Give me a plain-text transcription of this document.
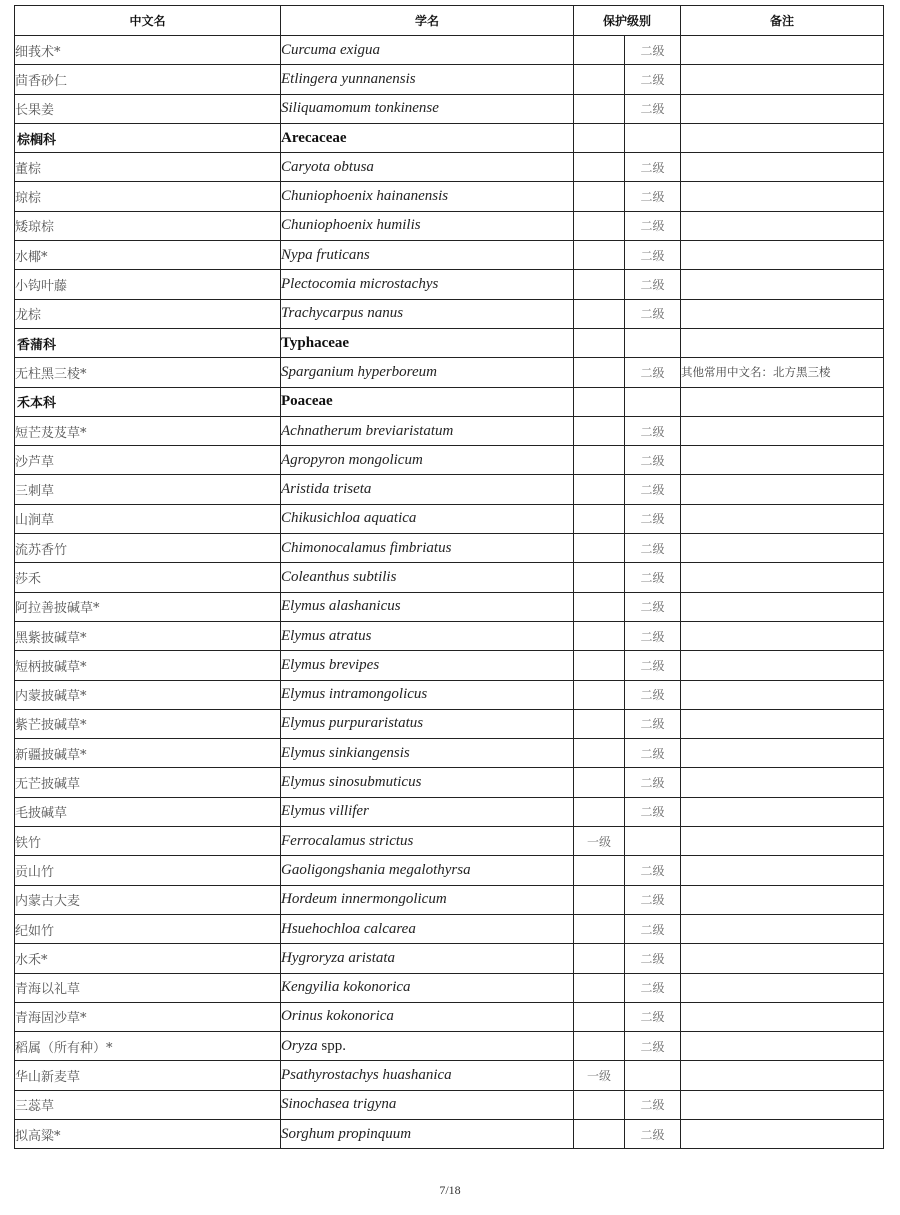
中文名	学名	保护级别		备注
细莪术*	Curcuma exigua		二级	
茴香砂仁	Etlingera yunnanensis		二级	
长果姜	Siliquamomum tonkinense		二级	
棕榈科	Arecaceae			
董棕	Caryota obtusa		二级	
琼棕	Chuniophoenix hainanensis		二级	
矮琼棕	Chuniophoenix humilis		二级	
水椰*	Nypa fruticans		二级	
小钩叶藤	Plectocomia microstachys		二级	
龙棕	Trachycarpus nanus		二级	
香蒲科	Typhaceae			
无柱黑三棱*	Sparganium hyperboreum		二级	其他常用中文名：北方黑三棱
禾本科	Poaceae			
短芒芨芨草*	Achnatherum breviaristatum		二级	
沙芦草	Agropyron mongolicum		二级	
三刺草	Aristida triseta		二级	
山涧草	Chikusichloa aquatica		二级	
流苏香竹	Chimonocalamus fimbriatus		二级	
莎禾	Coleanthus subtilis		二级	
阿拉善披碱草*	Elymus alashanicus		二级	
黑紫披碱草*	Elymus atratus		二级	
短柄披碱草*	Elymus brevipes		二级	
内蒙披碱草*	Elymus intramongolicus		二级	
紫芒披碱草*	Elymus purpuraristatus		二级	
新疆披碱草*	Elymus sinkiangensis		二级	
无芒披碱草	Elymus sinosubmuticus		二级	
毛披碱草	Elymus villifer		二级	
铁竹	Ferrocalamus strictus	一级		
贡山竹	Gaoligongshania megalothyrsa		二级	
内蒙古大麦	Hordeum innermongolicum		二级	
纪如竹	Hsuehochloa calcarea		二级	
水禾*	Hygroryza aristata		二级	
青海以礼草	Kengyilia kokonorica		二级	
青海固沙草*	Orinus kokonorica		二级	
稻属（所有种）*	Oryza spp.		二级	
华山新麦草	Psathyrostachys huashanica	一级		
三蕊草	Sinochasea trigyna		二级	
拟高粱*	Sorghum propinquum		二级	
7/18
